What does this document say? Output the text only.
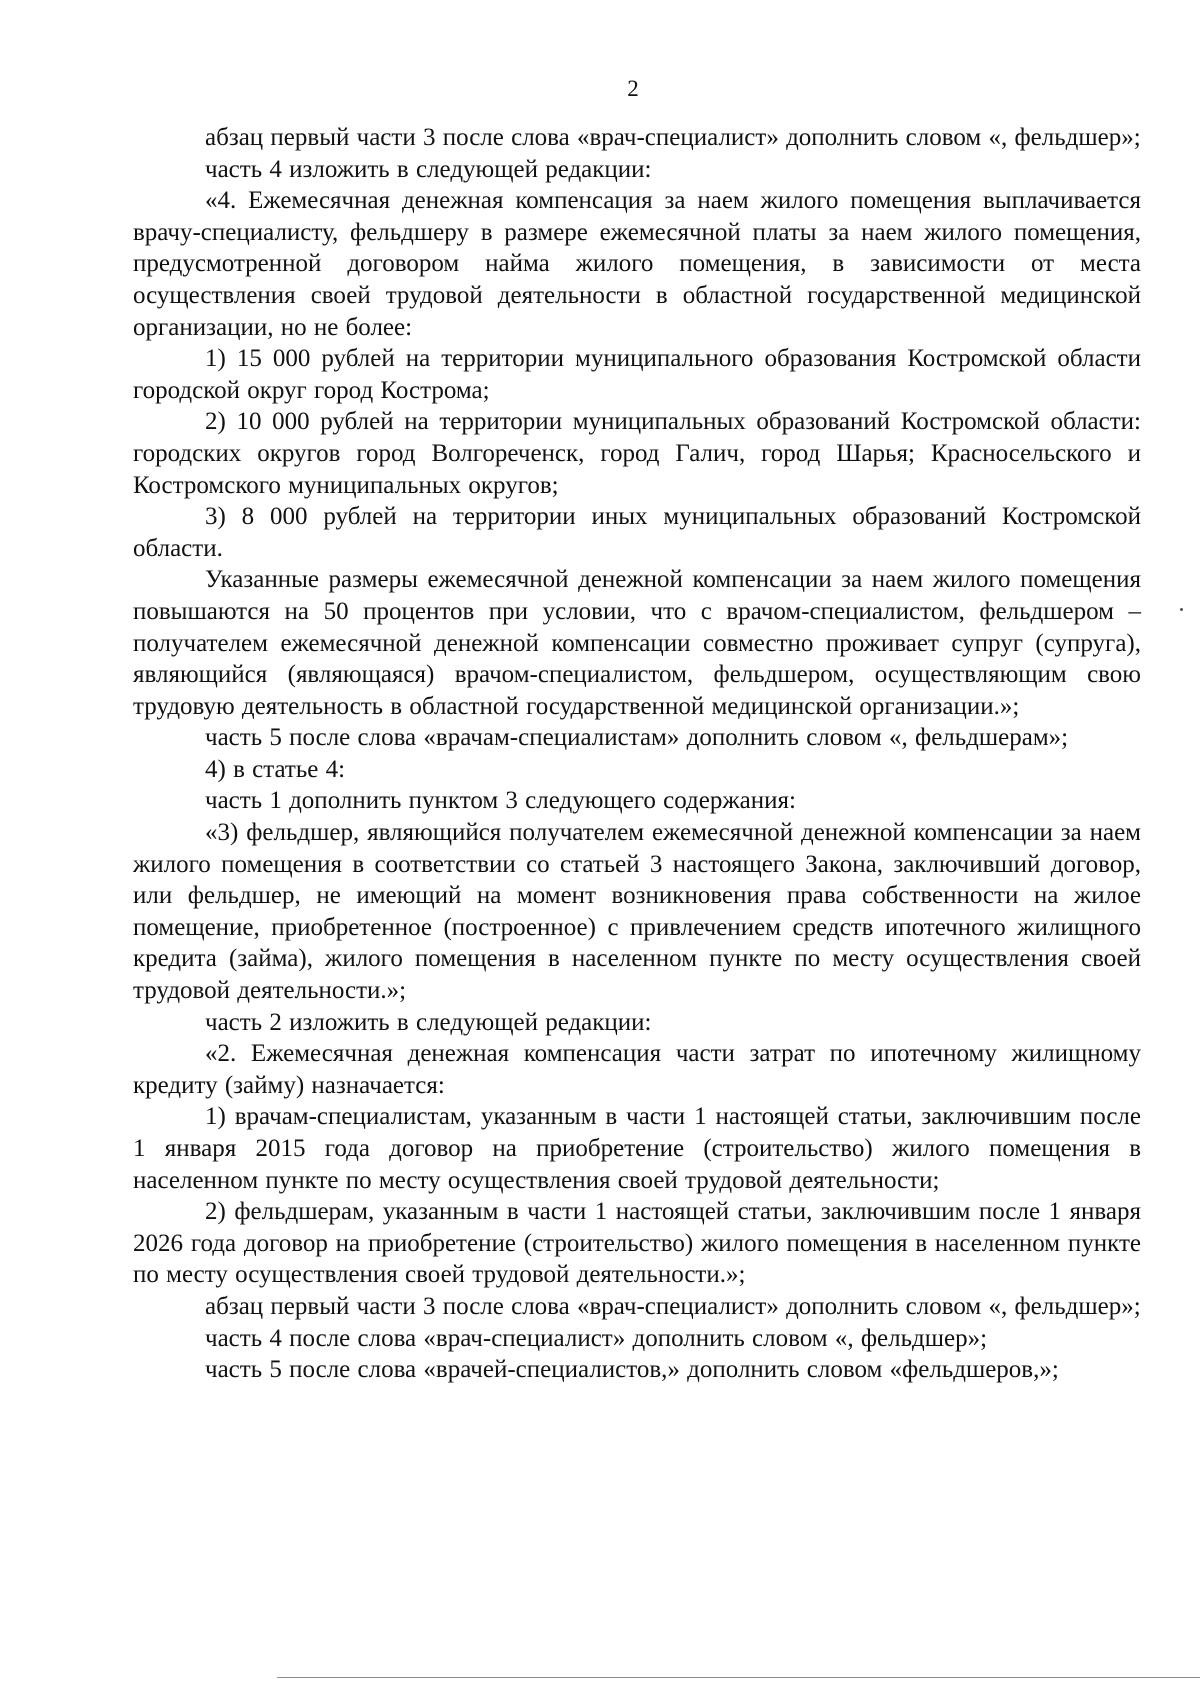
2

абзац первый части 3 после слова «врач-специалист» дополнить словом «, фельдшер»;

часть 4 изложить в следующей редакции:

«4. Ежемесячная денежная компенсация за наем жилого помещения выплачивается врачу-специалисту, фельдшеру в размере ежемесячной платы за наем жилого помещения, предусмотренной договором найма жилого помещения, в зависимости от места осуществления своей трудовой деятельности в областной государственной медицинской организации, но не более:

1) 15 000 рублей на территории муниципального образования Костромской области городской округ город Кострома;

2) 10 000 рублей на территории муниципальных образований Костромской области: городских округов город Волгореченск, город Галич, город Шарья; Красносельского и Костромского муниципальных округов;

3) 8 000 рублей на территории иных муниципальных образований Костромской области.

Указанные размеры ежемесячной денежной компенсации за наем жилого помещения повышаются на 50 процентов при условии, что с врачом-специалистом, фельдшером – получателем ежемесячной денежной компенсации совместно проживает супруг (супруга), являющийся (являющаяся) врачом-специалистом, фельдшером, осуществляющим свою трудовую деятельность в областной государственной медицинской организации.»;

часть 5 после слова «врачам-специалистам» дополнить словом «, фельдшерам»;

4) в статье 4:

часть 1 дополнить пунктом 3 следующего содержания:

«3) фельдшер, являющийся получателем ежемесячной денежной компенсации за наем жилого помещения в соответствии со статьей 3 настоящего Закона, заключивший договор, или фельдшер, не имеющий на момент возникновения права собственности на жилое помещение, приобретенное (построенное) с привлечением средств ипотечного жилищного кредита (займа), жилого помещения в населенном пункте по месту осуществления своей трудовой деятельности.»;

часть 2 изложить в следующей редакции:

«2. Ежемесячная денежная компенсация части затрат по ипотечному жилищному кредиту (займу) назначается:

1) врачам-специалистам, указанным в части 1 настоящей статьи, заключившим после 1 января 2015 года договор на приобретение (строительство) жилого помещения в населенном пункте по месту осуществления своей трудовой деятельности;

2) фельдшерам, указанным в части 1 настоящей статьи, заключившим после 1 января 2026 года договор на приобретение (строительство) жилого помещения в населенном пункте по месту осуществления своей трудовой деятельности.»;

абзац первый части 3 после слова «врач-специалист» дополнить словом «, фельдшер»;

часть 4 после слова «врач-специалист» дополнить словом «, фельдшер»;

часть 5 после слова «врачей-специалистов,» дополнить словом «фельдшеров,»;
